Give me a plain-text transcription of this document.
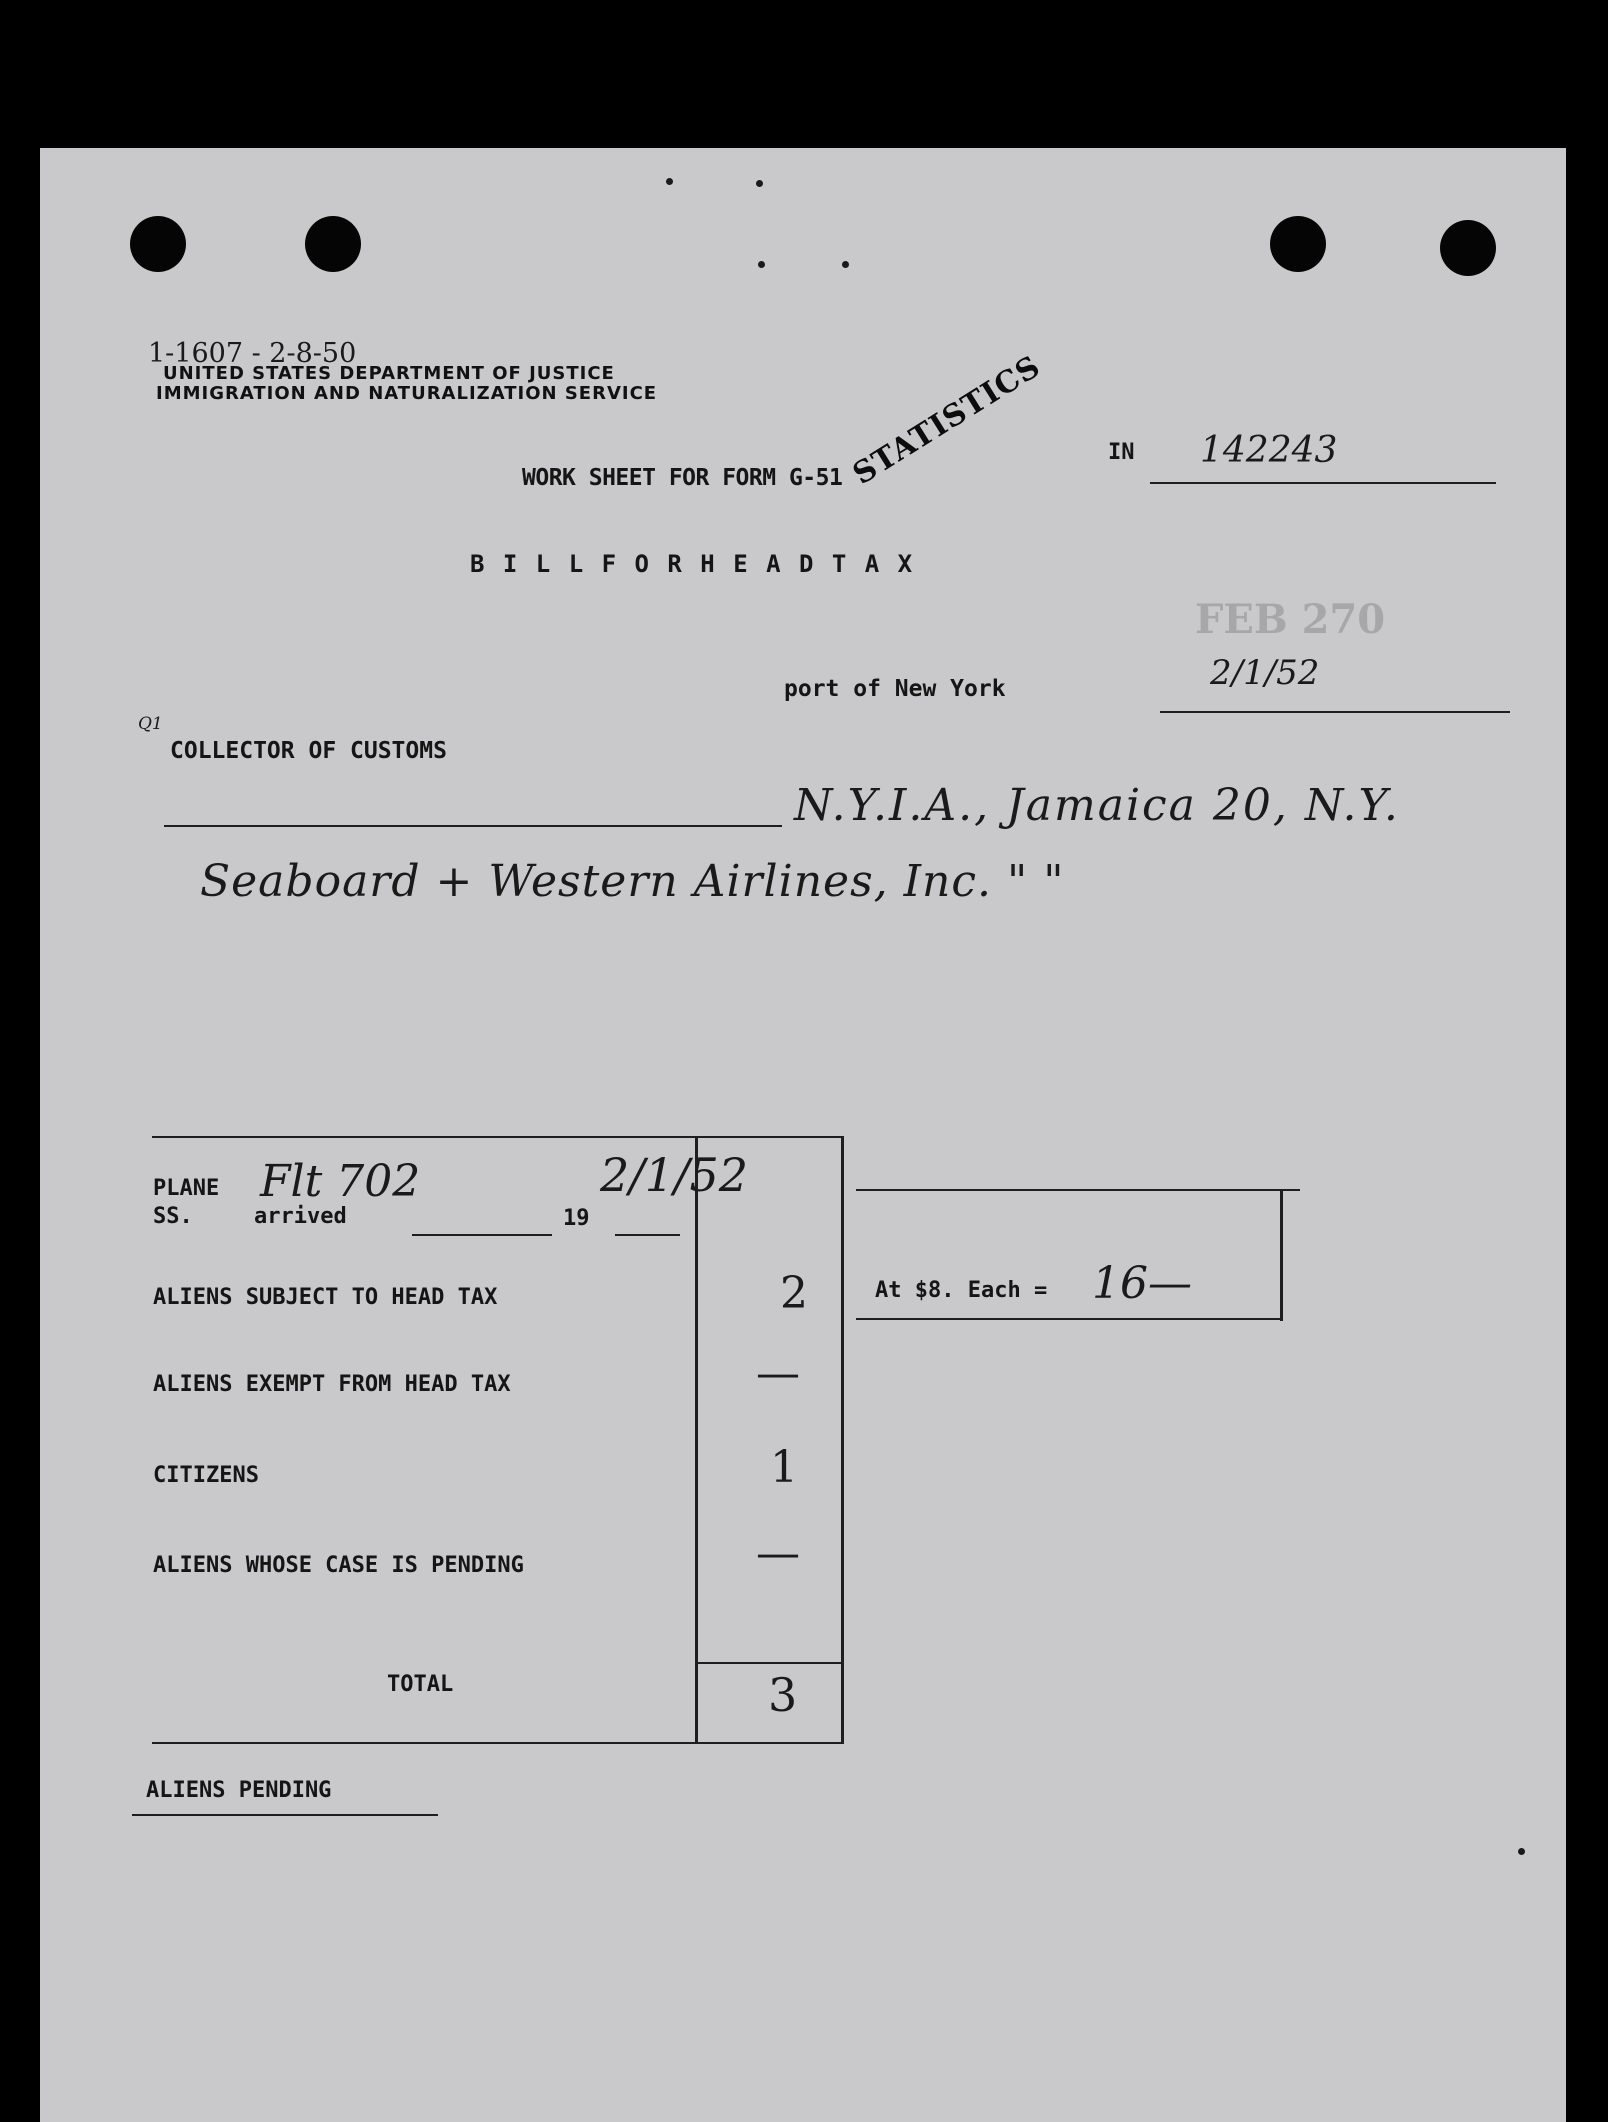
1-1607 - 2-8-50
UNITED STATES DEPARTMENT OF JUSTICE
IMMIGRATION AND NATURALIZATION SERVICE	STATISTICS
WORK SHEET FOR FORM G-51
IN 142243
B I L L F O R H E A D T A X
FEB 270
2/1/52
port of New York
Q1
COLLECTOR OF CUSTOMS
N.Y.I.A., Jamaica 20, N.Y.
Seaboard + Western Airlines, Inc. " "
PLANE
SS.
Flt 702
arrived	19
2/1/52
ALIENS SUBJECT TO HEAD TAX	2
ALIENS EXEMPT FROM HEAD TAX	—
CITIZENS	1
ALIENS WHOSE CASE IS PENDING	—
TOTAL	3
At $8. Each = 16—
ALIENS PENDING
